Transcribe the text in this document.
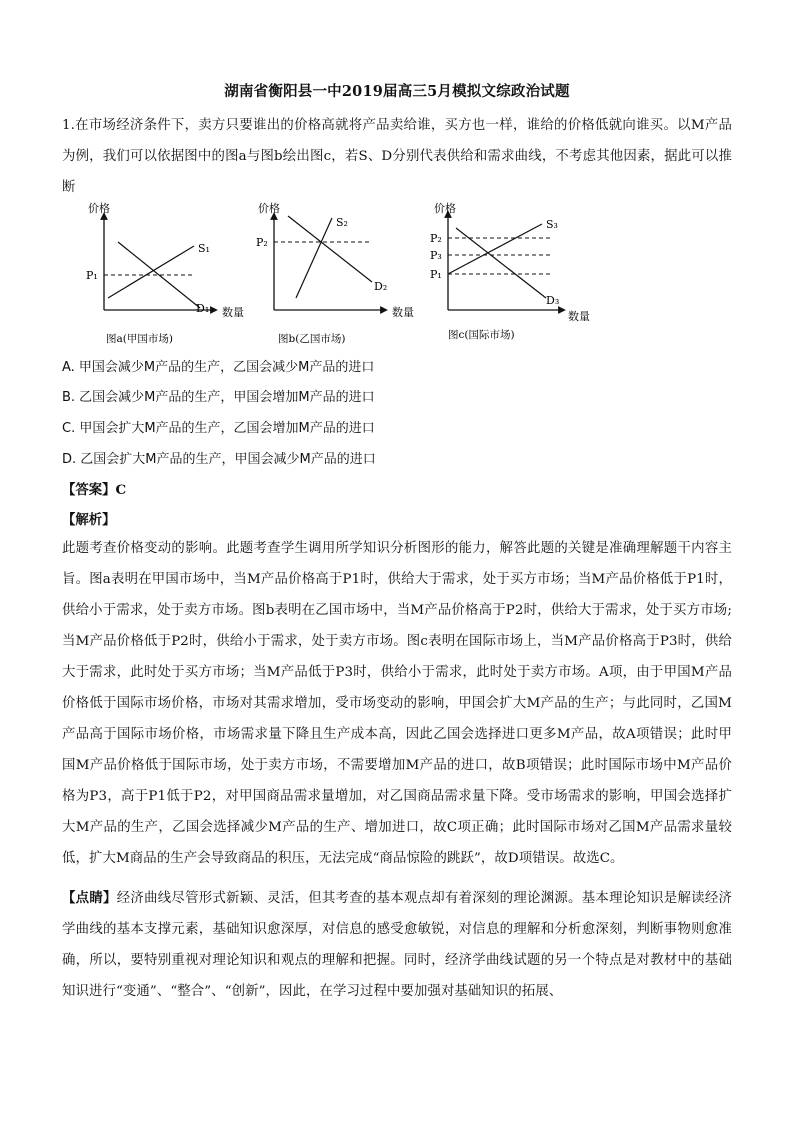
湖南省衡阳县一中2019届高三5月模拟文综政治试题
1.在市场经济条件下，卖方只要谁出的价格高就将产品卖给谁，买方也一样，谁给的价格低就向谁买。以M产品为例，我们可以依据图中的图a与图b绘出图c，若S、D分别代表供给和需求曲线，不考虑其他因素，据此可以推断
价格
数量
S₁
D₁
P₁
图a(甲国市场)
价格
数量
S₂
D₂
P₂
图b(乙国市场)
价格
数量
S₃
D₃
P₂
P₃
P₁
图c(国际市场)
A. 甲国会减少M产品的生产，乙国会减少M产品的进口
B. 乙国会减少M产品的生产，甲国会增加M产品的进口
C. 甲国会扩大M产品的生产，乙国会增加M产品的进口
D. 乙国会扩大M产品的生产，甲国会减少M产品的进口
【答案】C
【解析】
此题考查价格变动的影响。此题考查学生调用所学知识分析图形的能力，解答此题的关键是准确理解题干内容主旨。图a表明在甲国市场中，当M产品价格高于P1时，供给大于需求，处于买方市场；当M产品价格低于P1时，供给小于需求，处于卖方市场。图b表明在乙国市场中，当M产品价格高于P2时，供给大于需求，处于买方市场;当M产品价格低于P2时，供给小于需求，处于卖方市场。图c表明在国际市场上，当M产品价格高于P3时，供给大于需求，此时处于买方市场；当M产品低于P3时，供给小于需求，此时处于卖方市场。A项，由于甲国M产品价格低于国际市场价格，市场对其需求增加，受市场变动的影响，甲国会扩大M产品的生产；与此同时，乙国M产品高于国际市场价格，市场需求量下降且生产成本高，因此乙国会选择进口更多M产品，故A项错误；此时甲国M产品价格低于国际市场，处于卖方市场，不需要增加M产品的进口，故B项错误；此时国际市场中M产品价格为P3，高于P1低于P2，对甲国商品需求量增加，对乙国商品需求量下降。受市场需求的影响，甲国会选择扩大M产品的生产，乙国会选择减少M产品的生产、增加进口，故C项正确；此时国际市场对乙国M产品需求量较低，扩大M商品的生产会导致商品的积压，无法完成“商品惊险的跳跃”，故D项错误。故选C。
【点睛】经济曲线尽管形式新颖、灵活，但其考查的基本观点却有着深刻的理论渊源。基本理论知识是解读经济学曲线的基本支撑元素，基础知识愈深厚，对信息的感受愈敏锐，对信息的理解和分析愈深刻，判断事物则愈准确，所以，要特别重视对理论知识和观点的理解和把握。同时，经济学曲线试题的另一个特点是对教材中的基础知识进行“变通”、“整合”、“创新”，因此，在学习过程中要加强对基础知识的拓展、
